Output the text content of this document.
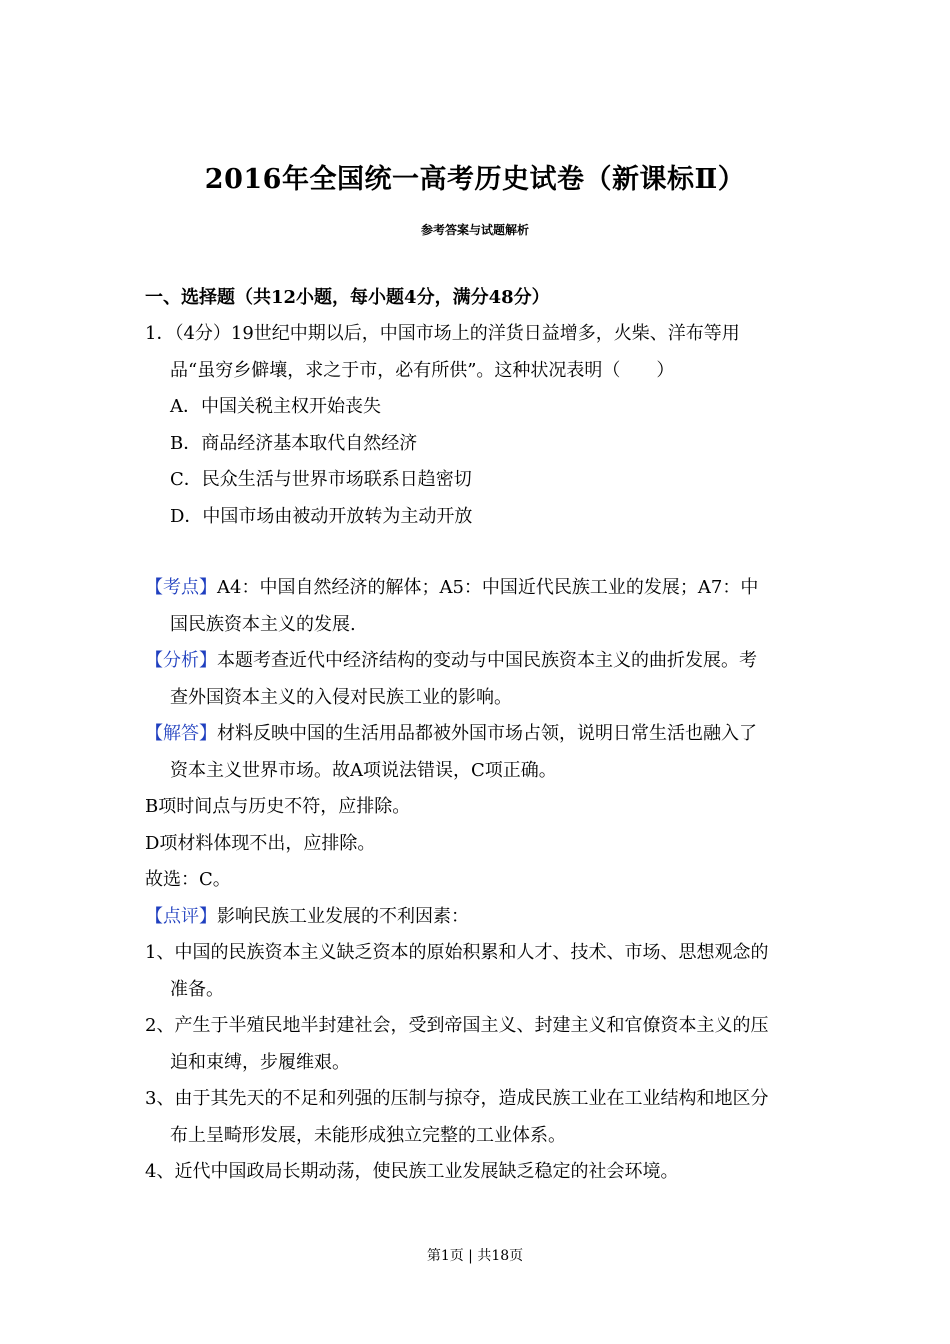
2016年全国统一高考历史试卷（新课标Ⅱ）
参考答案与试题解析
一、选择题（共12小题，每小题4分，满分48分）
1．（4分）19世纪中期以后，中国市场上的洋货日益增多，火柴、洋布等用
品“虽穷乡僻壤，求之于市，必有所供”。这种状况表明（　　）
A．中国关税主权开始丧失
B．商品经济基本取代自然经济
C．民众生活与世界市场联系日趋密切
D．中国市场由被动开放转为主动开放
【考点】A4：中国自然经济的解体；A5：中国近代民族工业的发展；A7：中
国民族资本主义的发展.
【分析】本题考查近代中经济结构的变动与中国民族资本主义的曲折发展。考
查外国资本主义的入侵对民族工业的影响。
【解答】材料反映中国的生活用品都被外国市场占领，说明日常生活也融入了
资本主义世界市场。故A项说法错误，C项正确。
B项时间点与历史不符，应排除。
D项材料体现不出，应排除。
故选：C。
【点评】影响民族工业发展的不利因素：
1、中国的民族资本主义缺乏资本的原始积累和人才、技术、市场、思想观念的
准备。
2、产生于半殖民地半封建社会，受到帝国主义、封建主义和官僚资本主义的压
迫和束缚，步履维艰。
3、由于其先天的不足和列强的压制与掠夺，造成民族工业在工业结构和地区分
布上呈畸形发展，未能形成独立完整的工业体系。
4、近代中国政局长期动荡，使民族工业发展缺乏稳定的社会环境。
第1页 | 共18页
